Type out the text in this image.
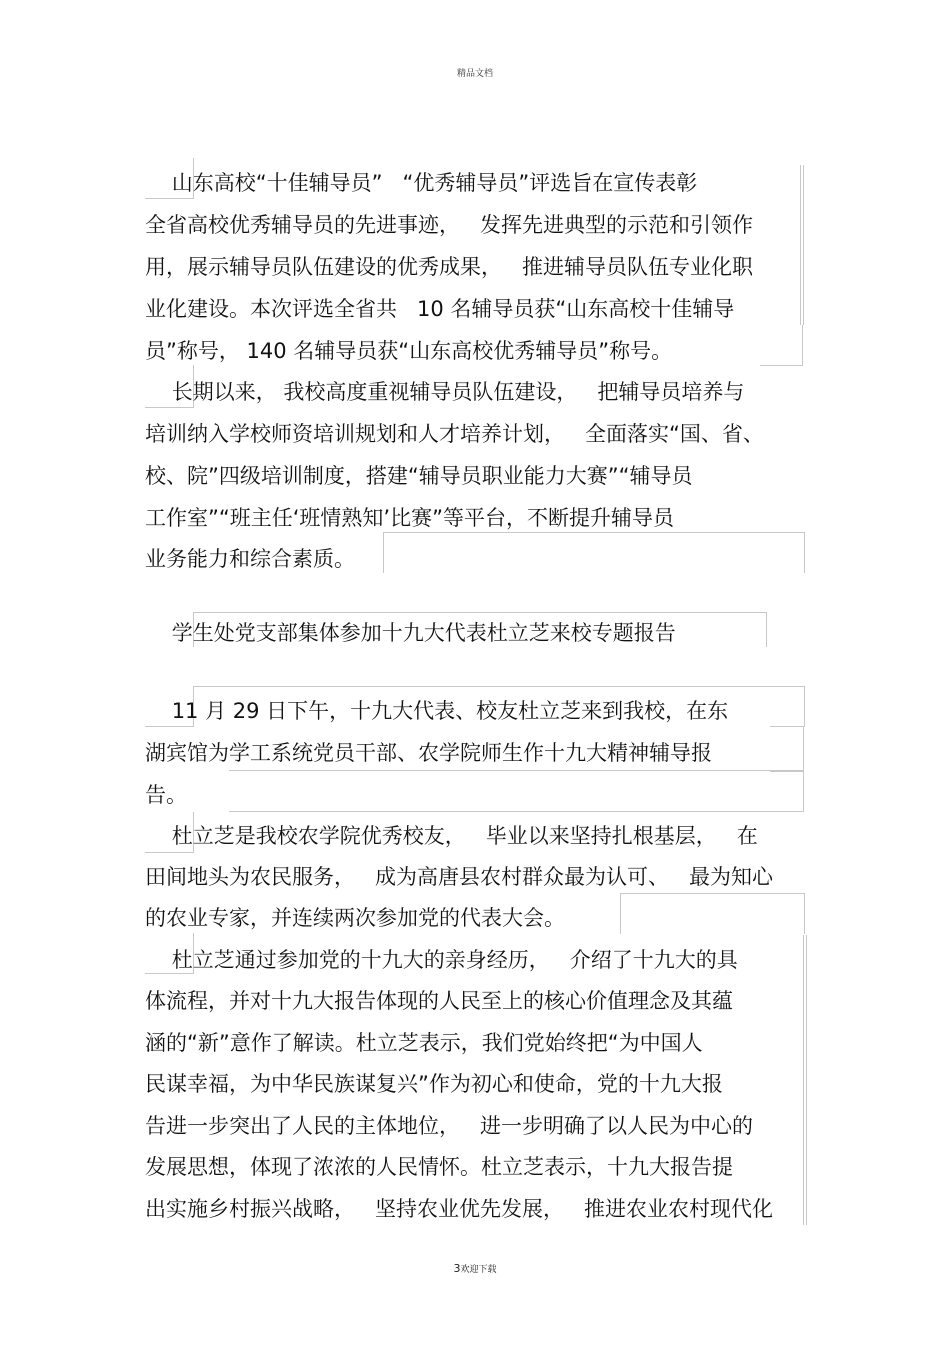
精品文档
山东高校“十佳辅导员”   “优秀辅导员”评选旨在宣传表彰
全省高校优秀辅导员的先进事迹，   发挥先进典型的示范和引领作
用，展示辅导员队伍建设的优秀成果，   推进辅导员队伍专业化职
业化建设。本次评选全省共   10 名辅导员获“山东高校十佳辅导
员”称号， 140 名辅导员获“山东高校优秀辅导员”称号。
长期以来， 我校高度重视辅导员队伍建设，   把辅导员培养与
培训纳入学校师资培训规划和人才培养计划，   全面落实“国、省、
校、院”四级培训制度，搭建“辅导员职业能力大赛”“辅导员
工作室”“班主任‘班情熟知’比赛”等平台，不断提升辅导员
业务能力和综合素质。
学生处党支部集体参加十九大代表杜立芝来校专题报告
11 月 29 日下午，十九大代表、校友杜立芝来到我校，在东
湖宾馆为学工系统党员干部、农学院师生作十九大精神辅导报
告。
杜立芝是我校农学院优秀校友，   毕业以来坚持扎根基层，   在
田间地头为农民服务，   成为高唐县农村群众最为认可、   最为知心
的农业专家，并连续两次参加党的代表大会。
杜立芝通过参加党的十九大的亲身经历，   介绍了十九大的具
体流程，并对十九大报告体现的人民至上的核心价值理念及其蕴
涵的“新”意作了解读。杜立芝表示，我们党始终把“为中国人
民谋幸福，为中华民族谋复兴”作为初心和使命，党的十九大报
告进一步突出了人民的主体地位，   进一步明确了以人民为中心的
发展思想，体现了浓浓的人民情怀。杜立芝表示，十九大报告提
出实施乡村振兴战略，   坚持农业优先发展，   推进农业农村现代化
3欢迎下载
